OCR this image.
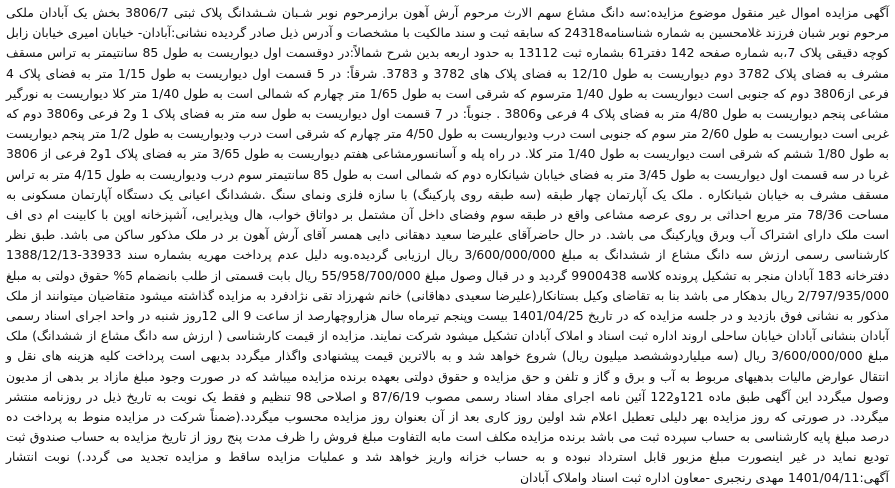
آگهی مزایده اموال غیر منقول موضوع مزایده:سه دانگ مشاع سهم الارث مرحوم آرش آهون برازمرحوم نوبر شـبان شـشدانگ پلاک ثبتی 3806/7 بخش یک آبادان ملکی مرحوم نوبر شبان فرزند غلامحسین به شماره شناسنامه24318 که سابقه ثبت و سند مالکیت با مشخصات و آدرس ذیل صادر گردیده نشانی:آبادان- خیابان امیری خیابان زابل کوچه دقیقی پلاک 7،به شماره صفحه 142 دفتر61 بشماره ثبت 13112 به حدود اربعه بدین شرح شمالاً:در دوقسمت اول دیواریست به طول 85 سانتیمتر به تراس مسقف مشرف به فضای پلاک 3782 دوم دیواریست به طول 12/10 به فضای پلاک های 3782 و 3783. شرقاً: در 5 قسمت اول دیواریست به طول 1/15 متر به فضای پلاک 4 فرعی از3806 دوم که جنوبی است دیواریست به طول 1/40 مترسوم که شرقی است به طول 1/65 متر چهارم که شمالی است به طول 1/40 متر کلا دیواریست به نورگیر مشاعی پنجم دیواریست به طول 4/80 متر به فضای پلاک 4 فرعی و3806 . جنوباً: در 7 قسمت اول دیواریست به طول سه متر به فضای پلاک 1 و2 فرعی و3806 دوم که غربی است دیواریست به طول 2/60 متر سوم که جنوبی است درب ودیواریست به طول 4/50 متر چهارم که شرقی است درب ودیواریست به طول 1/2 متر پنجم دیواریست به طول 1/80 ششم که شرقی است دیواریست به طول 1/40 متر کلا. در راه پله و آسانسورمشاعی هفتم دیواریست به طول 3/65 متر به فضای پلاک 1و2 فرعی از 3806 غربا در سه قسمت اول دیواریست به طول 3/45 متر به فضای خیابان شیانکاره دوم که شمالی است به طول 85 سانتیمتر سوم درب ودیواریست به طول 4/15 متر به تراس مسقف مشرف به خیابان شیانکاره . ملک یک آپارتمان چهار طبقه (سه طبقه روی پارکینگ) با سازه فلزی ونمای سنگ .ششدانگ اعیانی یک دستگاه آپارتمان مسکونی به مساحت 78/36 متر مربع احداثی بر روی عرصه مشاعی واقع در طبقه سوم وفضای داخل آن مشتمل بر دواتاق خواب، هال وپذیرایی، آشپزخانه اوپن با کابینت ام دی اف است ملک دارای اشتراک آب وبرق وپارکینگ می باشد. در حال حاضرآقای علیرضا سعید دهقانی دایی همسر آقای آرش آهون بر در ملک مذکور ساکن می باشد. طبق نظر کارشناسی رسمی ارزش سه دانگ مشاع از ششدانگ به مبلغ 3/600/000/000 ریال ارزیابی گردیده.وبه دلیل عدم پرداخت مهریه بشماره سند 33933-1388/12/13 دفترخانه 183 آبادان منجر به تشکیل پرونده کلاسه 9900438 گردید و در قبال وصول مبلغ 55/958/700/000 ریال بابت قسمتی از طلب بانضمام 5% حقوق دولتی به مبلغ 2/797/935/000 ریال بدهکار می باشد بنا به تقاضای وکیل بستانکار(علیرضا سعیدی دهاقانی) خانم شهرزاد تقی نژادفرد به مزایده گذاشته میشود متقاضیان میتوانند از ملک مذکور به نشانی فوق بازدید و در جلسه مزایده که در تاریخ 1401/04/25 بیست وپنجم تیرماه سال هزاروچهارصد از ساعت 9 الی 12روز شنبه در واحد اجرای اسناد رسمی آبادان بنشانی آبادان خیابان ساحلی اروند اداره ثبت اسناد و املاک آبادان تشکیل میشود شرکت نمایند. مزایده از قیمت کارشناسی ( ارزش سه دانگ مشاع از ششدانگ) ملک مبلغ 3/600/000/000 ریال (سه میلیاردوششصد میلیون ریال) شروع خواهد شد و به بالاترین قیمت پیشنهادی واگذار میگردد بدیهی است پرداخت کلیه هزینه های نقل و انتقال عوارض مالیات بدهیهای مربوط به آب و برق و گاز و تلفن و حق مزایده و حقوق دولتی بعهده برنده مزایده میباشد که در صورت وجود مبلغ مازاد بر بدهی از مدیون وصول میگردد این آگهی طبق ماده 121و122 آئین نامه اجرای مفاد اسناد رسمی مصوب 87/6/19 و اصلاحی 98 تنظیم و فقط یک نوبت به تاریخ ذیل در روزنامه منتشر میگردد. در صورتی که روز مزایده بهر دلیلی تعطیل اعلام شد اولین روز کاری بعد از آن بعنوان روز مزایده محسوب میگردد.(ضمناً شرکت در مزایده منوط به پرداخت ده درصد مبلغ پایه کارشناسی به حساب سپرده ثبت می باشد برنده مزایده مکلف است مابه التفاوت مبلغ فروش را ظرف مدت پنج روز از تاریخ مزایده به حساب صندوق ثبت تودیع نماید در غیر اینصورت مبلغ مزبور قابل استرداد نبوده و به حساب خزانه واریز خواهد شد و عملیات مزایده ساقط و مزایده تجدید می گردد.) نوبت انتشار آگهی:1401/04/11 مهدی رنجبری -معاون اداره ثبت اسناد واملاک آبادان
